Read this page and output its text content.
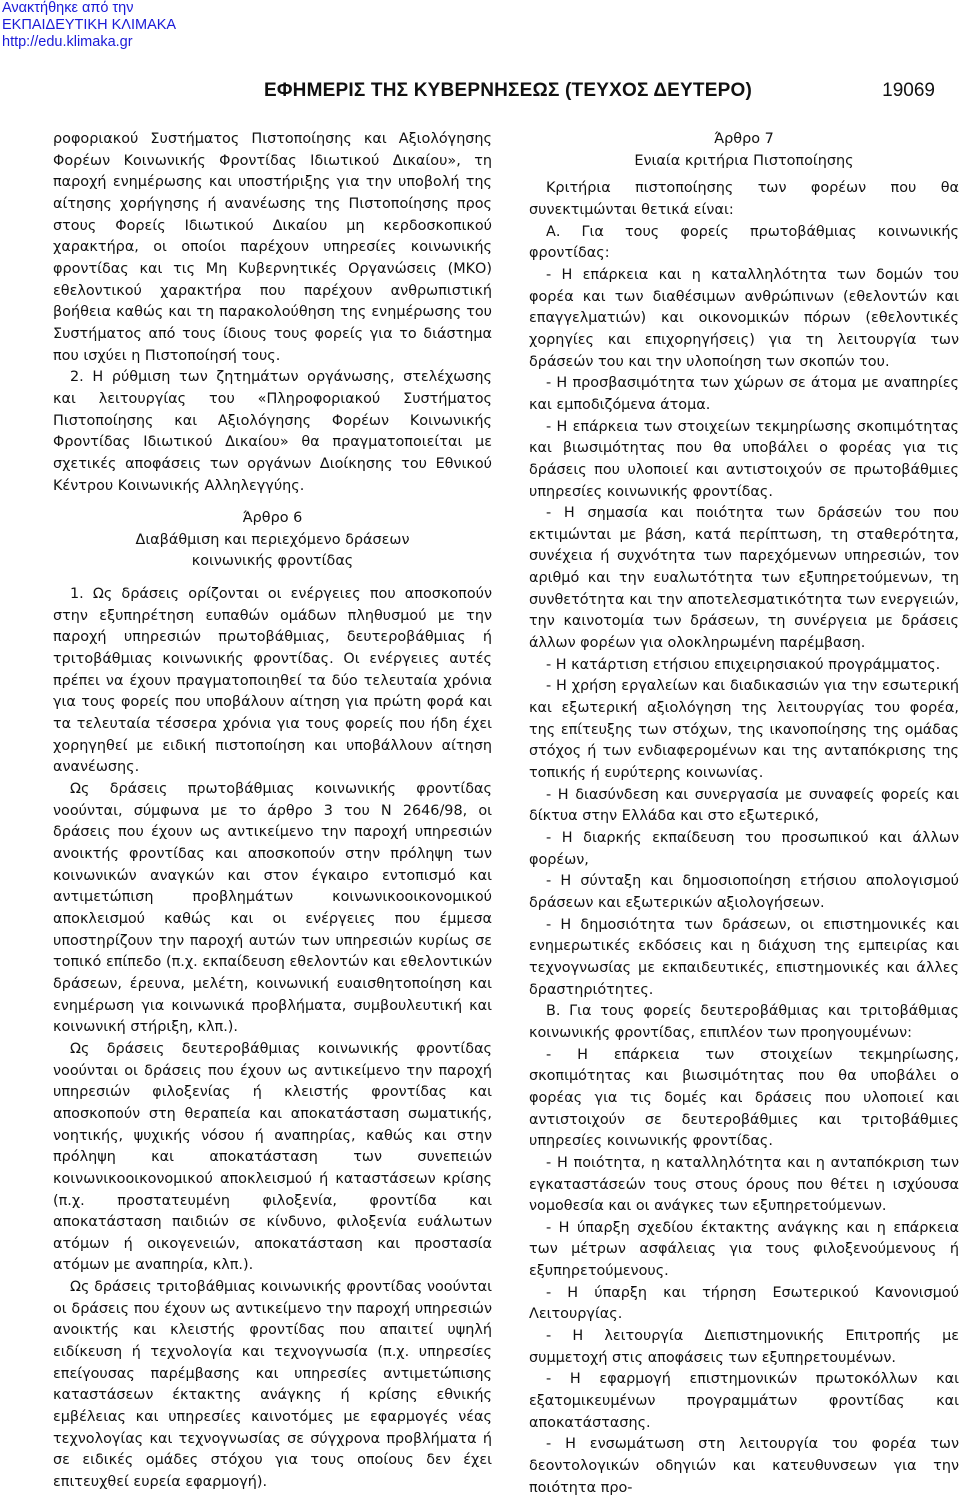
Ανακτήθηκε από την
ΕΚΠΑΙΔΕΥΤΙΚΗ ΚΛΙΜΑΚΑ
http://edu.klimaka.gr
ΕΦΗΜΕΡΙΣ ΤΗΣ ΚΥΒΕΡΝΗΣΕΩΣ (ΤΕΥΧΟΣ ΔΕΥΤΕΡΟ)	19069

ροφοριακού Συστήματος Πιστοποίησης και Αξιολόγησης Φορέων Κοινωνικής Φροντίδας Ιδιωτικού Δικαίου», τη παροχή ενημέρωσης και υποστήριξης για την υποβολή της αίτησης χορήγησης ή ανανέωσης της Πιστοποίησης προς στους Φορείς Ιδιωτικού Δικαίου μη κερδοσκοπικού χαρακτήρα, οι οποίοι παρέχουν υπηρεσίες κοινωνικής φροντίδας και τις Μη Κυβερνητικές Οργανώσεις (ΜΚΟ) εθελοντικού χαρακτήρα που παρέχουν ανθρωπιστική βοήθεια καθώς και τη παρακολούθηση της ενημέρωσης του Συστήματος από τους ίδιους τους φορείς για το διάστημα που ισχύει η Πιστοποίησή τους.

2. Η ρύθμιση των ζητημάτων οργάνωσης, στελέχωσης και λειτουργίας του «Πληροφοριακού Συστήματος Πιστοποίησης και Αξιολόγησης Φορέων Κοινωνικής Φροντίδας Ιδιωτικού Δικαίου» θα πραγματοποιείται με σχετικές αποφάσεις των οργάνων Διοίκησης του Εθνικού Κέντρου Κοινωνικής Αλληλεγγύης.

Άρθρο 6
Διαβάθμιση και περιεχόμενο δράσεων
κοινωνικής φροντίδας

1. Ως δράσεις ορίζονται οι ενέργειες που αποσκοπούν στην εξυπηρέτηση ευπαθών ομάδων πληθυσμού με την παροχή υπηρεσιών πρωτοβάθμιας, δευτεροβάθμιας ή τριτοβάθμιας κοινωνικής φροντίδας. Οι ενέργειες αυτές πρέπει να έχουν πραγματοποιηθεί τα δύο τελευταία χρόνια για τους φορείς που υποβάλουν αίτηση για πρώτη φορά και τα τελευταία τέσσερα χρόνια για τους φορείς που ήδη έχει χορηγηθεί με ειδική πιστοποίηση και υποβάλλουν αίτηση ανανέωσης.

Ως δράσεις πρωτοβάθμιας κοινωνικής φροντίδας νοούνται, σύμφωνα με το άρθρο 3 του Ν 2646/98, οι δράσεις που έχουν ως αντικείμενο την παροχή υπηρεσιών ανοικτής φροντίδας και αποσκοπούν στην πρόληψη των κοινωνικών αναγκών και στον έγκαιρο εντοπισμό και αντιμετώπιση προβλημάτων κοινωνικοοικονομικού αποκλεισμού καθώς και οι ενέργειες που έμμεσα υποστηρίζουν την παροχή αυτών των υπηρεσιών κυρίως σε τοπικό επίπεδο (π.χ. εκπαίδευση εθελοντών και εθελοντικών δράσεων, έρευνα, μελέτη, κοινωνική ευαισθητοποίηση και ενημέρωση για κοινωνικά προβλήματα, συμβουλευτική και κοινωνική στήριξη, κλπ.).

Ως δράσεις δευτεροβάθμιας κοινωνικής φροντίδας νοούνται οι δράσεις που έχουν ως αντικείμενο την παροχή υπηρεσιών φιλοξενίας ή κλειστής φροντίδας και αποσκοπούν στη θεραπεία και αποκατάσταση σωματικής, νοητικής, ψυχικής νόσου ή αναπηρίας, καθώς και στην πρόληψη και αποκατάσταση των συνεπειών κοινωνικοοικονομικού αποκλεισμού ή καταστάσεων κρίσης (π.χ. προστατευμένη φιλοξενία, φροντίδα και αποκατάσταση παιδιών σε κίνδυνο, φιλοξενία ευάλωτων ατόμων ή οικογενειών, αποκατάσταση και προστασία ατόμων με αναπηρία, κλπ.).

Ως δράσεις τριτοβάθμιας κοινωνικής φροντίδας νοούνται οι δράσεις που έχουν ως αντικείμενο την παροχή υπηρεσιών ανοικτής και κλειστής φροντίδας που απαιτεί υψηλή ειδίκευση ή τεχνολογία και τεχνογνωσία (π.χ. υπηρεσίες επείγουσας παρέμβασης και υπηρεσίες αντιμετώπισης καταστάσεων έκτακτης ανάγκης ή κρίσης εθνικής εμβέλειας και υπηρεσίες καινοτόμες με εφαρμογές νέας τεχνολογίας και τεχνογνωσίας σε σύγχρονα προβλήματα ή σε ειδικές ομάδες στόχου για τους οποίους δεν έχει επιτευχθεί ευρεία εφαρμογή).

Άρθρο 7
Ενιαία κριτήρια Πιστοποίησης

Κριτήρια πιστοποίησης των φορέων που θα συνεκτιμώνται θετικά είναι:

Α. Για τους φορείς πρωτοβάθμιας κοινωνικής φροντίδας:

- Η επάρκεια και η καταλληλότητα των δομών του φορέα και των διαθέσιμων ανθρώπινων (εθελοντών και επαγγελματιών) και οικονομικών πόρων (εθελοντικές χορηγίες και επιχορηγήσεις) για τη λειτουργία των δράσεών του και την υλοποίηση των σκοπών του.

- Η προσβασιμότητα των χώρων σε άτομα με αναπηρίες και εμποδιζόμενα άτομα.

- Η επάρκεια των στοιχείων τεκμηρίωσης σκοπιμότητας και βιωσιμότητας που θα υποβάλει ο φορέας για τις δράσεις που υλοποιεί και αντιστοιχούν σε πρωτοβάθμιες υπηρεσίες κοινωνικής φροντίδας.

- Η σημασία και ποιότητα των δράσεών του που εκτιμώνται με βάση, κατά περίπτωση, τη σταθερότητα, συνέχεια ή συχνότητα των παρεχόμενων υπηρεσιών, τον αριθμό και την ευαλωτότητα των εξυπηρετούμενων, τη συνθετότητα και την αποτελεσματικότητα των ενεργειών, την καινοτομία των δράσεων, τη συνέργεια με δράσεις άλλων φορέων για ολοκληρωμένη παρέμβαση.

- Η κατάρτιση ετήσιου επιχειρησιακού προγράμματος.

- Η χρήση εργαλείων και διαδικασιών για την εσωτερική και εξωτερική αξιολόγηση της λειτουργίας του φορέα, της επίτευξης των στόχων, της ικανοποίησης της ομάδας στόχος ή των ενδιαφερομένων και της ανταπόκρισης της τοπικής ή ευρύτερης κοινωνίας.

- Η διασύνδεση και συνεργασία με συναφείς φορείς και δίκτυα στην Ελλάδα και στο εξωτερικό,

- Η διαρκής εκπαίδευση του προσωπικού και άλλων φορέων,

- Η σύνταξη και δημοσιοποίηση ετήσιου απολογισμού δράσεων και εξωτερικών αξιολογήσεων.

- Η δημοσιότητα των δράσεων, οι επιστημονικές και ενημερωτικές εκδόσεις και η διάχυση της εμπειρίας και τεχνογνωσίας με εκπαιδευτικές, επιστημονικές και άλλες δραστηριότητες.

Β. Για τους φορείς δευτεροβάθμιας και τριτοβάθμιας κοινωνικής φροντίδας, επιπλέον των προηγουμένων:

- Η επάρκεια των στοιχείων τεκμηρίωσης, σκοπιμότητας και βιωσιμότητας που θα υποβάλει ο φορέας για τις δομές και δράσεις που υλοποιεί και αντιστοιχούν σε δευτεροβάθμιες και τριτοβάθμιες υπηρεσίες κοινωνικής φροντίδας.

- Η ποιότητα, η καταλληλότητα και η ανταπόκριση των εγκαταστάσεών τους στους όρους που θέτει η ισχύουσα νομοθεσία και οι ανάγκες των εξυπηρετούμενων.

- Η ύπαρξη σχεδίου έκτακτης ανάγκης και η επάρκεια των μέτρων ασφάλειας για τους φιλοξενούμενους ή εξυπηρετούμενους.

- Η ύπαρξη και τήρηση Εσωτερικού Κανονισμού Λειτουργίας.

- Η λειτουργία Διεπιστημονικής Επιτροπής με συμμετοχή στις αποφάσεις των εξυπηρετουμένων.

- Η εφαρμογή επιστημονικών πρωτοκόλλων και εξατομικευμένων προγραμμάτων φροντίδας και αποκατάστασης.

- Η ενσωμάτωση στη λειτουργία του φορέα των δεοντολογικών οδηγιών και κατευθυνσεων για την ποιότητα προ-
